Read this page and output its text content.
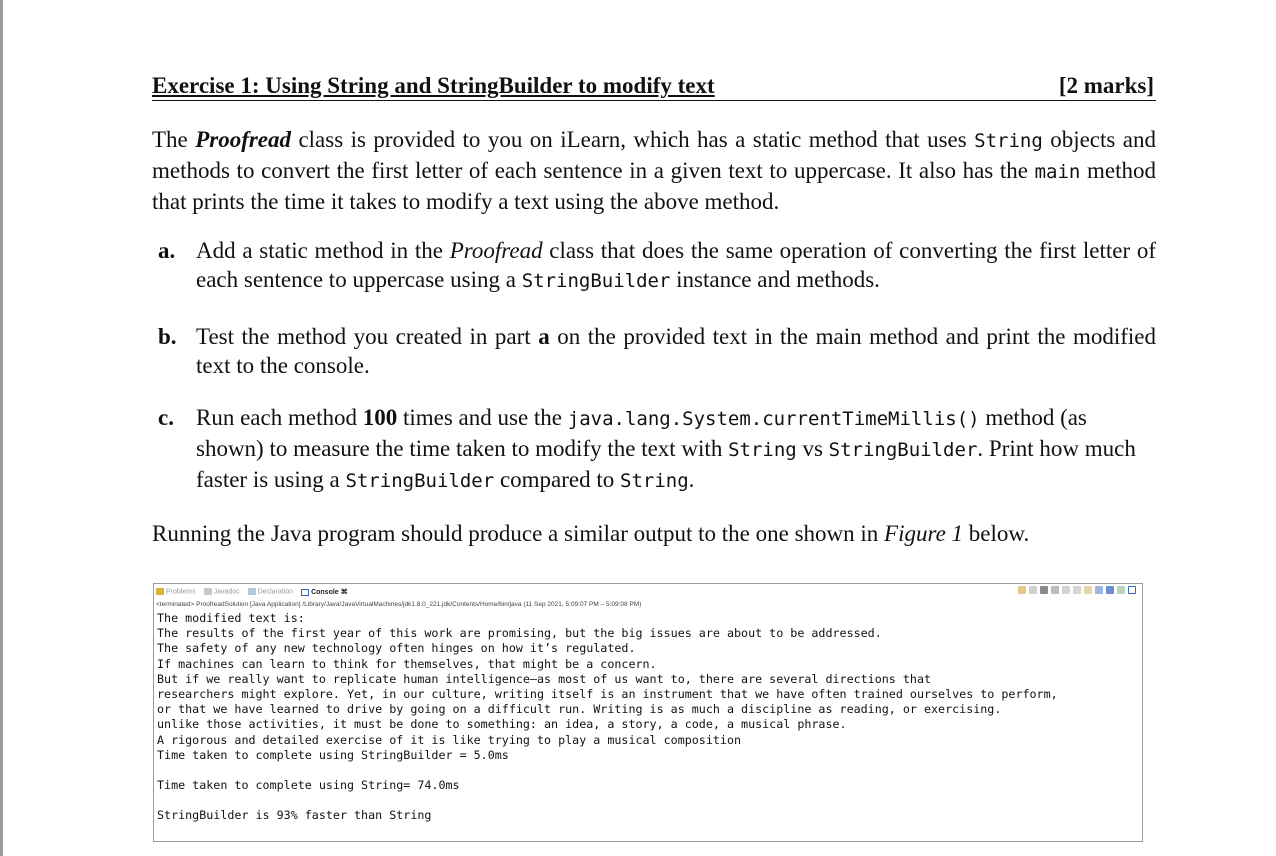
Exercise 1: Using String and StringBuilder to modify text	[2 marks]
The Proofread class is provided to you on iLearn, which has a static method that uses String objects and methods to convert the first letter of each sentence in a given text to uppercase. It also has the main method that prints the time it takes to modify a text using the above method.
a. Add a static method in the Proofread class that does the same operation of converting the first letter of each sentence to uppercase using a StringBuilder instance and methods.
b. Test the method you created in part a on the provided text in the main method and print the modified text to the console.
c. Run each method 100 times and use the java.lang.System.currentTimeMillis() method (as shown) to measure the time taken to modify the text with String vs StringBuilder. Print how much faster is using a StringBuilder compared to String.
Running the Java program should produce a similar output to the one shown in Figure 1 below.
Problems	Javadoc	Declaration	Console ⌘
<terminated> ProofreadSolution [Java Application] /Library/Java/JavaVirtualMachines/jdk1.8.0_221.jdk/Contents/Home/bin/java (11 Sep 2021, 5:09:07 PM – 5:09:08 PM)
The modified text is:
The results of the first year of this work are promising, but the big issues are about to be addressed.
The safety of any new technology often hinges on how it’s regulated.
If machines can learn to think for themselves, that might be a concern.
But if we really want to replicate human intelligence—as most of us want to, there are several directions that
researchers might explore. Yet, in our culture, writing itself is an instrument that we have often trained ourselves to perform,
or that we have learned to drive by going on a difficult run. Writing is as much a discipline as reading, or exercising.
unlike those activities, it must be done to something: an idea, a story, a code, a musical phrase.
A rigorous and detailed exercise of it is like trying to play a musical composition
Time taken to complete using StringBuilder = 5.0ms
Time taken to complete using String= 74.0ms
StringBuilder is 93% faster than String
